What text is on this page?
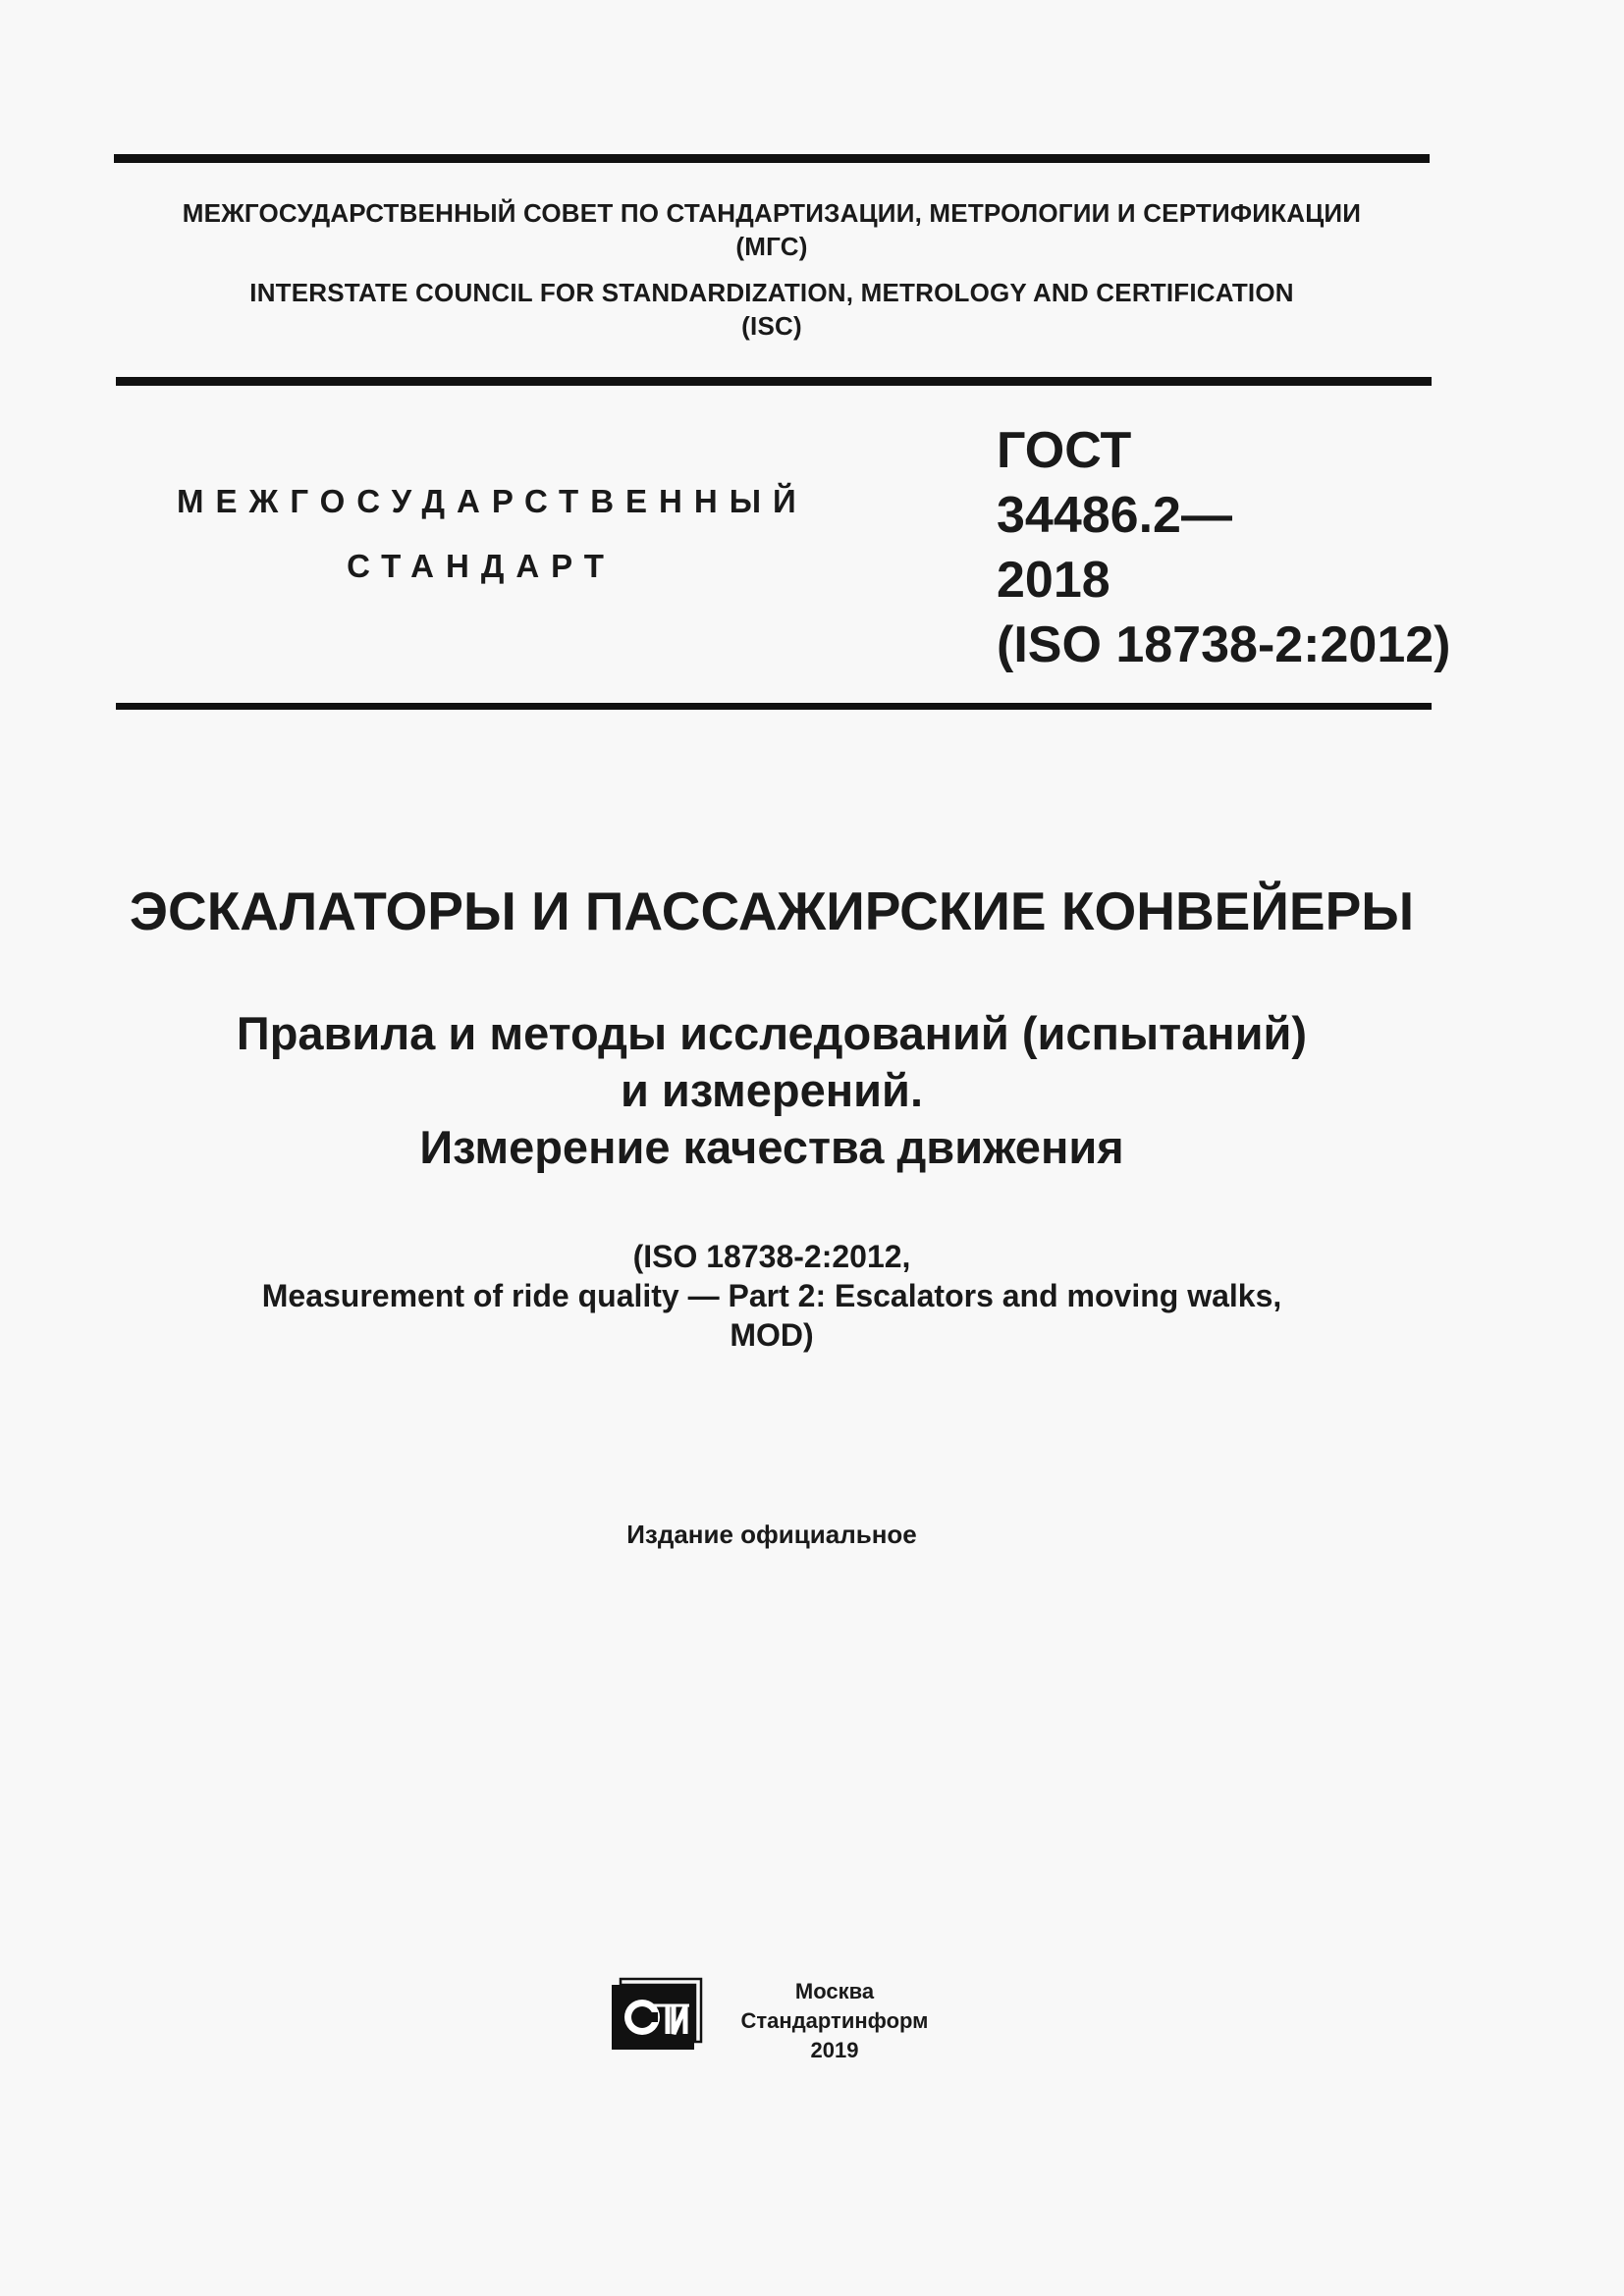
МЕЖГОСУДАРСТВЕННЫЙ СОВЕТ ПО СТАНДАРТИЗАЦИИ, МЕТРОЛОГИИ И СЕРТИФИКАЦИИ
(МГС)
INTERSTATE COUNCIL FOR STANDARDIZATION, METROLOGY AND CERTIFICATION
(ISC)
МЕЖГОСУДАРСТВЕННЫЙ
СТАНДАРТ
ГОСТ
34486.2—
2018
(ISO 18738-2:2012)
ЭСКАЛАТОРЫ И ПАССАЖИРСКИЕ КОНВЕЙЕРЫ
Правила и методы исследований (испытаний)
и измерений.
Измерение качества движения
(ISO 18738-2:2012,
Measurement of ride quality — Part 2: Escalators and moving walks,
MOD)
Издание официальное
Москва
Стандартинформ
2019
